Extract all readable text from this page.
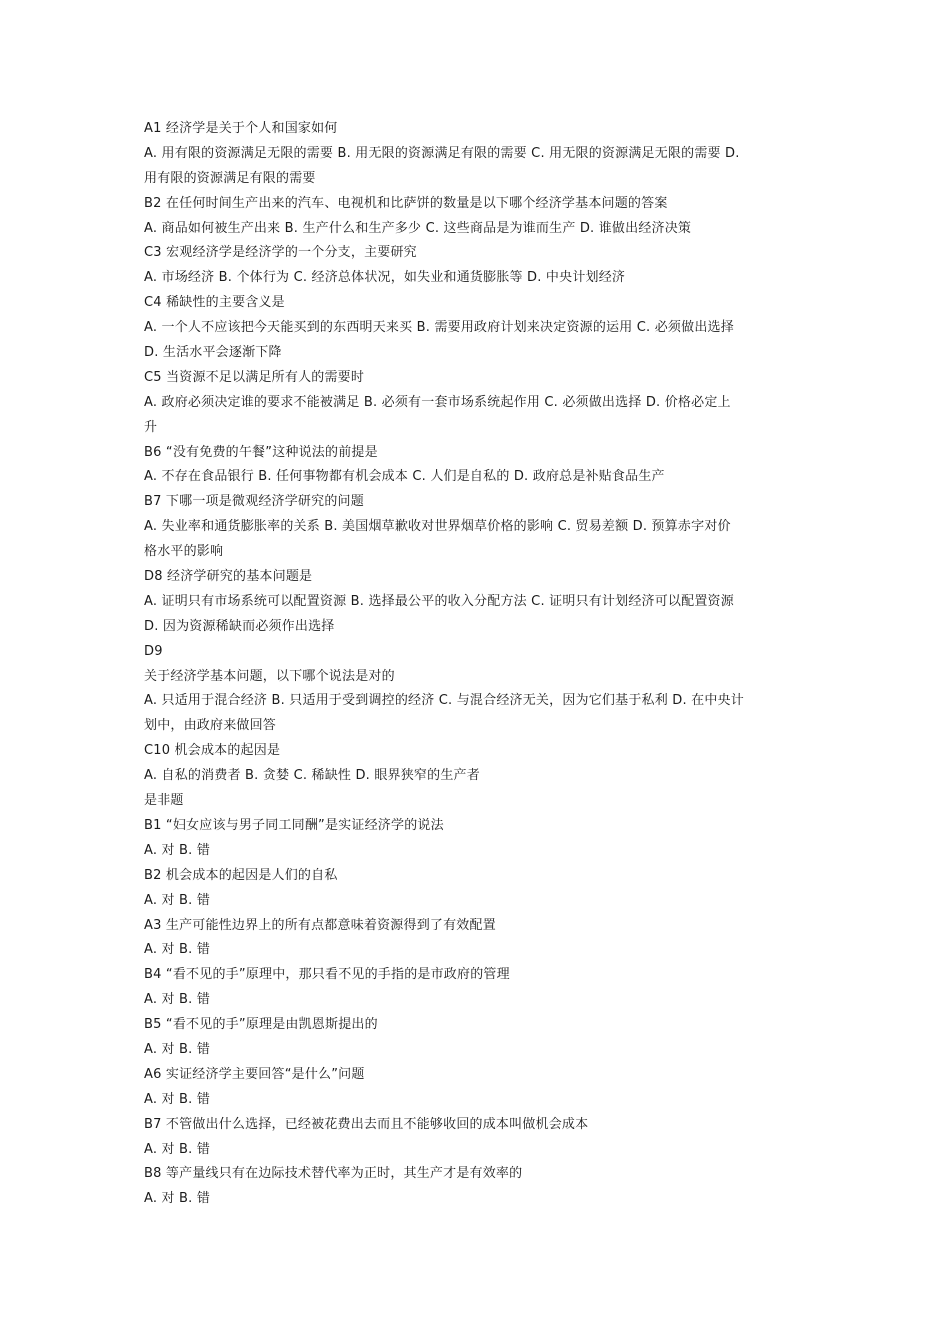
A1 经济学是关于个人和国家如何
A. 用有限的资源满足无限的需要 B. 用无限的资源满足有限的需要 C. 用无限的资源满足无限的需要 D.
用有限的资源满足有限的需要
B2 在任何时间生产出来的汽车、电视机和比萨饼的数量是以下哪个经济学基本问题的答案
A. 商品如何被生产出来 B. 生产什么和生产多少 C. 这些商品是为谁而生产 D. 谁做出经济决策
C3 宏观经济学是经济学的一个分支，主要研究
A. 市场经济 B. 个体行为 C. 经济总体状况，如失业和通货膨胀等 D. 中央计划经济
C4 稀缺性的主要含义是
A. 一个人不应该把今天能买到的东西明天来买 B. 需要用政府计划来决定资源的运用 C. 必须做出选择
D. 生活水平会逐渐下降
C5 当资源不足以满足所有人的需要时
A. 政府必须决定谁的要求不能被满足 B. 必须有一套市场系统起作用 C. 必须做出选择 D. 价格必定上
升
B6 “没有免费的午餐”这种说法的前提是
A. 不存在食品银行 B. 任何事物都有机会成本 C. 人们是自私的 D. 政府总是补贴食品生产
B7 下哪一项是微观经济学研究的问题
A. 失业率和通货膨胀率的关系 B. 美国烟草歉收对世界烟草价格的影响 C. 贸易差额 D. 预算赤字对价
格水平的影响
D8 经济学研究的基本问题是
A. 证明只有市场系统可以配置资源 B. 选择最公平的收入分配方法 C. 证明只有计划经济可以配置资源
D. 因为资源稀缺而必须作出选择
D9
关于经济学基本问题，以下哪个说法是对的
A. 只适用于混合经济 B. 只适用于受到调控的经济 C. 与混合经济无关，因为它们基于私利 D. 在中央计
划中，由政府来做回答
C10 机会成本的起因是
A. 自私的消费者 B. 贪婪 C. 稀缺性 D. 眼界狭窄的生产者
是非题
B1 “妇女应该与男子同工同酬”是实证经济学的说法
A. 对 B. 错
B2 机会成本的起因是人们的自私
A. 对 B. 错
A3 生产可能性边界上的所有点都意味着资源得到了有效配置
A. 对 B. 错
B4 “看不见的手”原理中，那只看不见的手指的是市政府的管理
A. 对 B. 错
B5 “看不见的手”原理是由凯恩斯提出的
A. 对 B. 错
A6 实证经济学主要回答“是什么”问题
A. 对 B. 错
B7 不管做出什么选择，已经被花费出去而且不能够收回的成本叫做机会成本
A. 对 B. 错
B8 等产量线只有在边际技术替代率为正时，其生产才是有效率的
A. 对 B. 错
